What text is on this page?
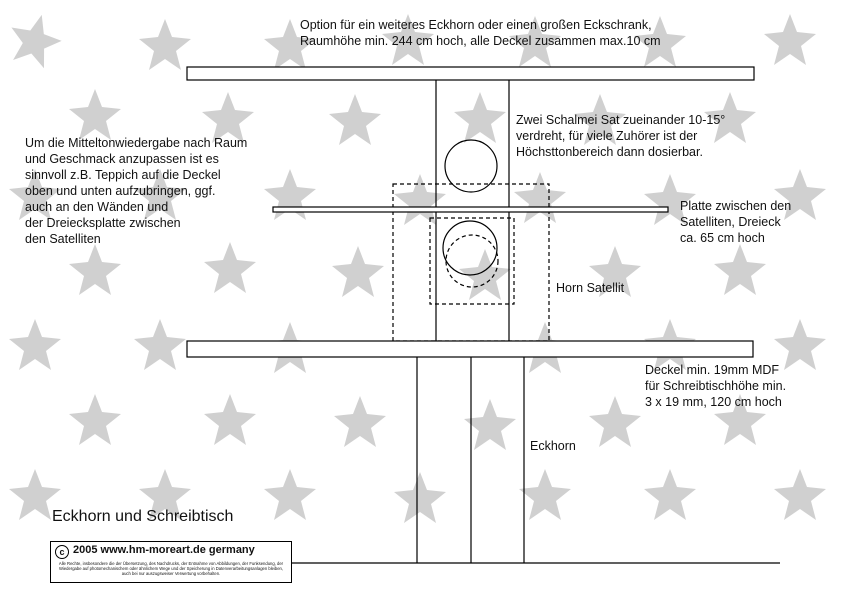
Option für ein weiteres Eckhorn oder einen großen Eckschrank,
Raumhöhe min. 244 cm hoch, alle Deckel zusammen max.10 cm
Um die Mitteltonwiedergabe nach Raum
und Geschmack anzupassen ist es
sinnvoll z.B. Teppich auf die Deckel
oben und unten aufzubringen, ggf.
auch an den Wänden und
der Dreiecksplatte zwischen
den Satelliten
Zwei Schalmei Sat zueinander 10-15°
verdreht, für viele Zuhörer ist der
Höchsttonbereich dann dosierbar.
Platte zwischen den
Satelliten, Dreieck
ca. 65 cm hoch
Horn Satellit
Deckel min. 19mm MDF
für Schreibtischhöhe min.
3 x 19 mm, 120 cm hoch
Eckhorn
Eckhorn und Schreibtisch
c 2005 www.hm-moreart.de germany
Alle Rechte, insbesondere die der Übersetzung, des Nachdrucks, der Entnahme von Abbildungen, der Funksendung, der Wiedergabe auf photomechanischem oder ähnlichem Wege und der Speicherung in Datenverarbeitungsanlagen bleiben, auch bei nur auszugsweiser Verwertung vorbehalten.
